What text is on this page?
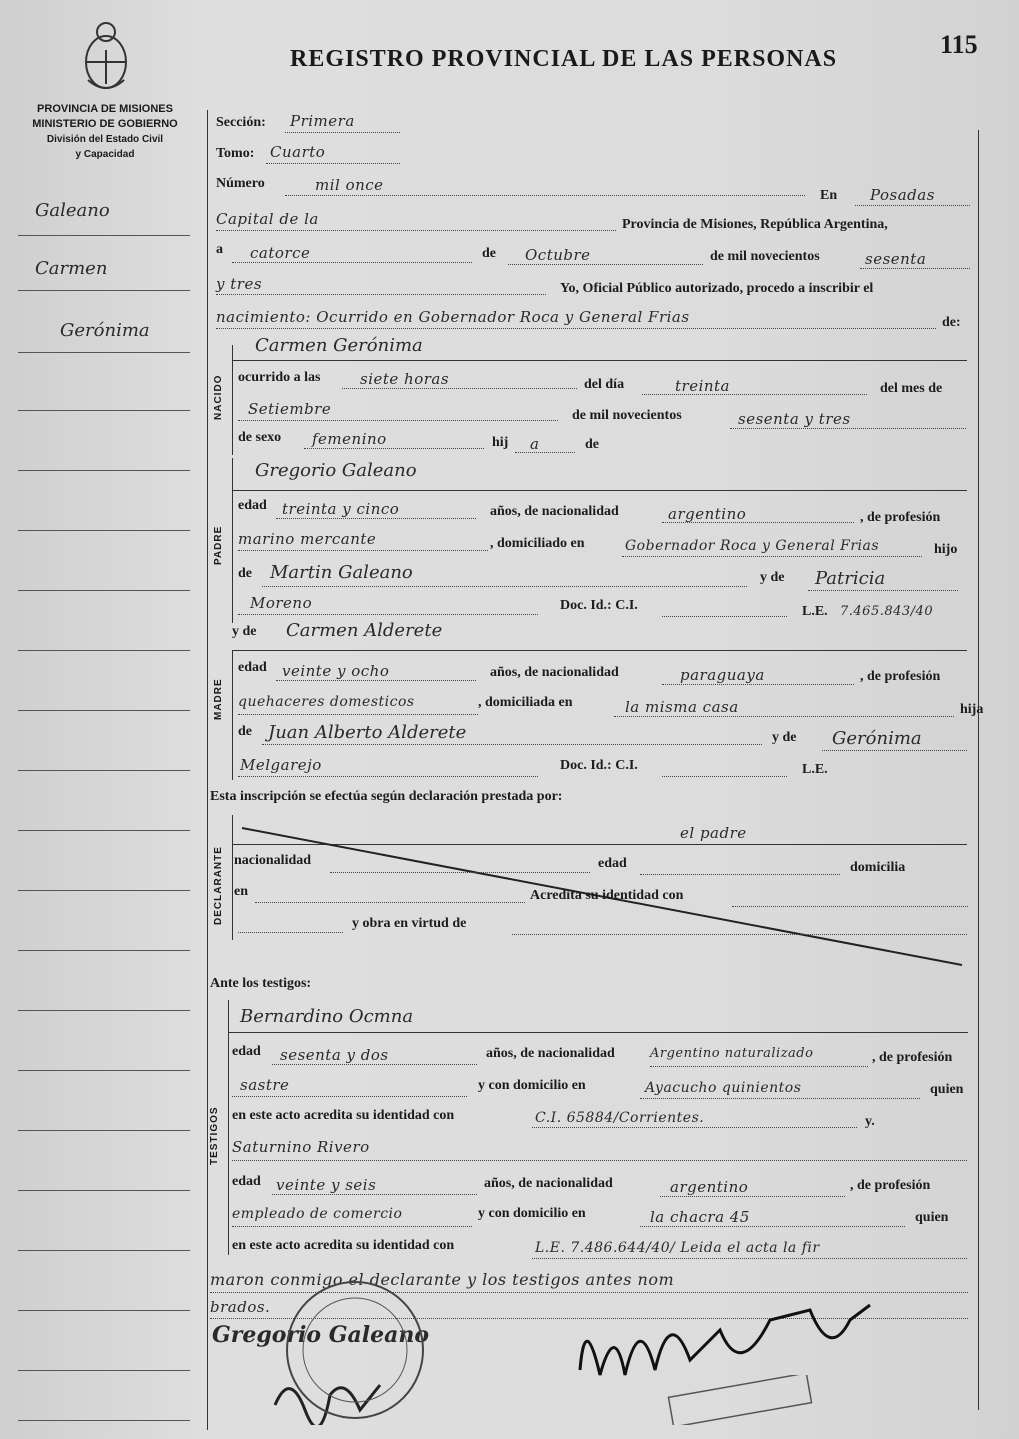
REGISTRO PROVINCIAL DE LAS PERSONAS	115
PROVINCIA DE MISIONES
MINISTERIO DE GOBIERNO
División del Estado Civil
y Capacidad
Galeano
Carmen
Gerónima
Sección: Primera
Tomo: Cuarto
Número	mil once
En Posadas
Capital de la	Provincia de Misiones, República Argentina,
a catorce	de Octubre	de mil novecientos	sesenta
y tres	Yo, Oficial Público autorizado, procedo a inscribir el
nacimiento: Ocurrido en Gobernador Roca y General Frias	de:
NACIDO
Carmen Gerónima
ocurrido a las	siete horas	del día	treinta	del mes de
Setiembre	de mil novecientos	sesenta y tres
de sexo femenino	hij a	de
PADRE
Gregorio Galeano
edad treinta y cinco	años, de nacionalidad	argentino	, de profesión
marino mercante	, domiciliado en	Gobernador Roca y General Frias	hijo
de Martin Galeano	y de Patricia
Moreno	Doc. Id.: C.I.	L.E. 7.465.843/40
y de Carmen Alderete
MADRE
edad veinte y ocho	años, de nacionalidad	paraguaya	, de profesión
quehaceres domesticos	, domiciliada en	la misma casa	hija
de Juan Alberto Alderete	y de Gerónima
Melgarejo	Doc. Id.: C.I.	L.E.
Esta inscripción se efectúa según declaración prestada por:
DECLARANTE
el padre
nacionalidad	edad	domicilia
en	Acredita su identidad con
y obra en virtud de
Ante los testigos:
TESTIGOS
Bernardino Ocmna
edad sesenta y dos	años, de nacionalidad	Argentino naturalizado	, de profesión
sastre	y con domicilio en	Ayacucho quinientos	quien
en este acto acredita su identidad con	C.I. 65884/Corrientes.	y.
Saturnino Rivero
edad veinte y seis	años, de nacionalidad	argentino	, de profesión
empleado de comercio	y con domicilio en	la chacra 45	quien
en este acto acredita su identidad con	L.E. 7.486.644/40/ Leida el acta la fir
maron conmigo el declarante y los testigos antes nom
brados.
Gregorio Galeano
